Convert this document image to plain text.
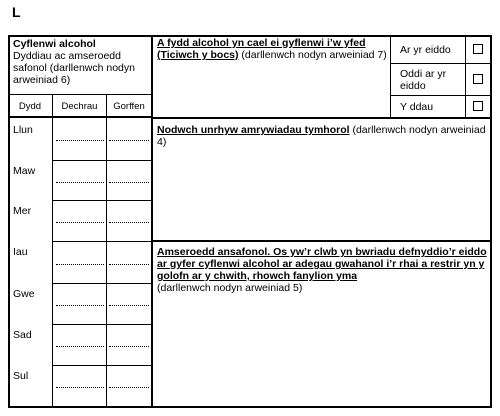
L
Cyflenwi alcohol
Dyddiau ac amseroedd safonol (darllenwch nodyn arweiniad 6)
Dydd	Dechrau	Gorffen
Llun
Maw
Mer
Iau
Gwe
Sad
Sul
A fydd alcohol yn cael ei gyflenwi i’w yfed (Ticiwch y bocs) (darllenwch nodyn arweiniad 7) Ar yr eiddo
Oddi ar yr eiddo
Y ddau
Nodwch unrhyw amrywiadau tymhorol (darllenwch nodyn arweiniad 4)
Amseroedd ansafonol. Os yw’r clwb yn bwriadu defnyddio’r eiddo ar gyfer cyflenwi alcohol ar adegau gwahanol i’r rhai a restrir yn y golofn ar y chwith, rhowch fanylion yma
(darllenwch nodyn arweiniad 5)
